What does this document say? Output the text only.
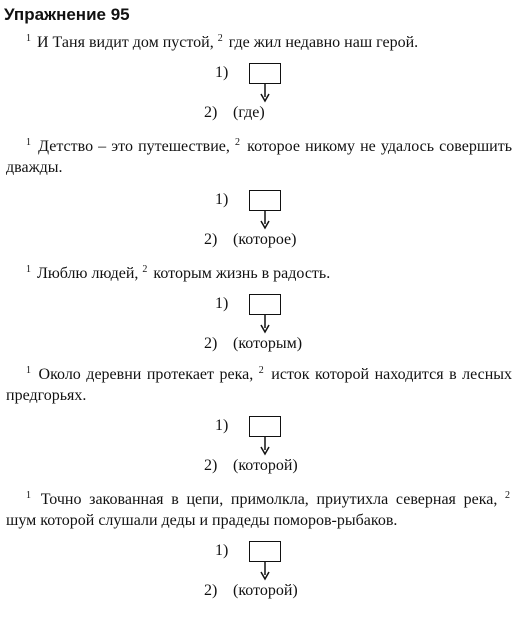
Упражнение 95
$^1$ И Таня видит дом пустой, $^2$ где жил недавно наш герой.
1)
2) (где)
$^1$ Детство – это путешествие, $^2$ которое никому не удалось совершить дважды.
1)
2) (которое)
$^1$ Люблю людей, $^2$ которым жизнь в радость.
1)
2) (которым)
$^1$ Около деревни протекает река, $^2$ исток которой находится в лесных предгорьях.
1)
2) (которой)
$^1$ Точно закованная в цепи, примолкла, приутихла северная река, $^2$ шум которой слушали деды и прадеды поморов-рыбаков.
1)
2) (которой)
